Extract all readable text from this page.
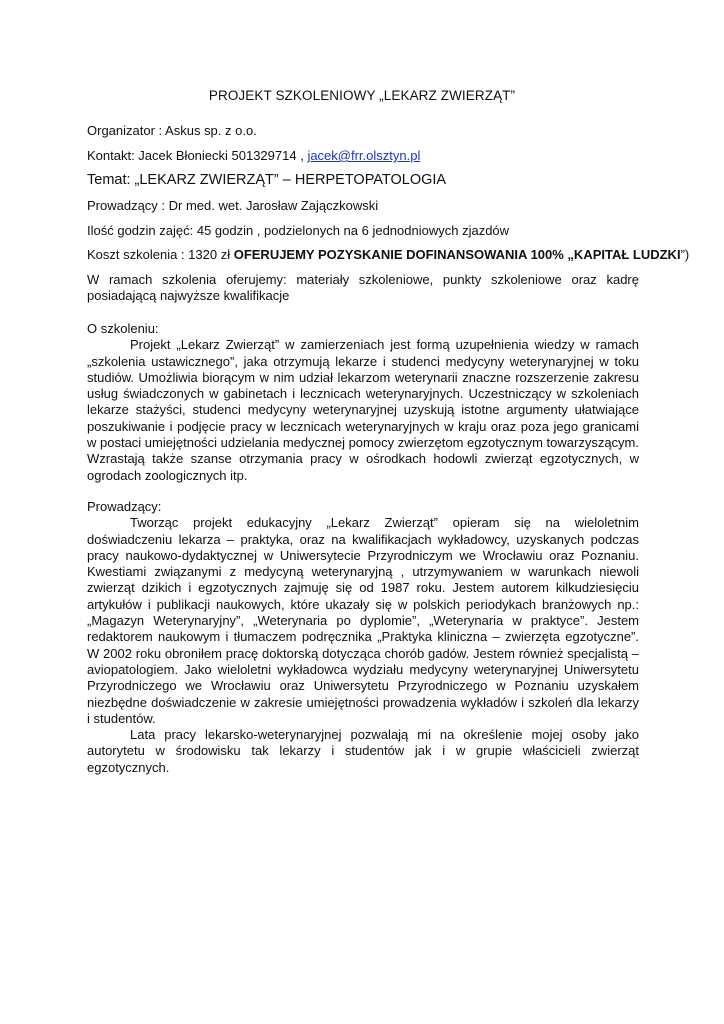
PROJEKT SZKOLENIOWY „LEKARZ ZWIERZĄT”
Organizator : Askus sp. z o.o.
Kontakt: Jacek Błoniecki 501329714 , jacek@frr.olsztyn.pl
Temat: „LEKARZ ZWIERZĄT” – HERPETOPATOLOGIA
Prowadzący : Dr med. wet. Jarosław Zajączkowski
Ilość godzin zajęć: 45 godzin , podzielonych na 6 jednodniowych zjazdów
Koszt szkolenia : 1320 zł OFERUJEMY POZYSKANIE DOFINANSOWANIA 100% „KAPITAŁ LUDZKI”)
W ramach szkolenia oferujemy: materiały szkoleniowe, punkty szkoleniowe oraz kadrę posiadającą najwyższe kwalifikacje

O szkoleniu:

Projekt „Lekarz Zwierząt” w zamierzeniach jest formą uzupełnienia wiedzy w ramach „szkolenia ustawicznego”, jaka otrzymują lekarze i studenci medycyny weterynaryjnej w toku studiów. Umożliwia biorącym w nim udział lekarzom weterynarii znaczne rozszerzenie zakresu usług świadczonych w gabinetach i lecznicach weterynaryjnych. Uczestniczący w szkoleniach lekarze stażyści, studenci medycyny weterynaryjnej uzyskują istotne argumenty ułatwiające poszukiwanie i podjęcie pracy w lecznicach weterynaryjnych w kraju oraz poza jego granicami w postaci umiejętności udzielania medycznej pomocy zwierzętom egzotycznym towarzyszącym. Wzrastają także szanse otrzymania pracy w ośrodkach hodowli zwierząt egzotycznych, w ogrodach zoologicznych itp.

Prowadzący:

Tworząc projekt edukacyjny „Lekarz Zwierząt” opieram się na wieloletnim doświadczeniu lekarza – praktyka, oraz na kwalifikacjach wykładowcy, uzyskanych podczas pracy naukowo-dydaktycznej w Uniwersytecie Przyrodniczym we Wrocławiu oraz Poznaniu. Kwestiami związanymi z medycyną weterynaryjną , utrzymywaniem w warunkach niewoli zwierząt dzikich i egzotycznych zajmuję się od 1987 roku. Jestem autorem kilkudziesięciu artykułów i publikacji naukowych, które ukazały się w polskich periodykach branżowych np.: „Magazyn Weterynaryjny”, „Weterynaria po dyplomie”, „Weterynaria w praktyce”. Jestem redaktorem naukowym i tłumaczem podręcznika „Praktyka kliniczna – zwierzęta egzotyczne”. W 2002 roku obroniłem pracę doktorską dotycząca chorób gadów. Jestem również specjalistą – aviopatologiem. Jako wieloletni wykładowca wydziału medycyny weterynaryjnej Uniwersytetu Przyrodniczego we Wrocławiu oraz Uniwersytetu Przyrodniczego w Poznaniu uzyskałem niezbędne doświadczenie w zakresie umiejętności prowadzenia wykładów i szkoleń dla lekarzy i studentów.

Lata pracy lekarsko-weterynaryjnej pozwalają mi na określenie mojej osoby jako autorytetu w środowisku tak lekarzy i studentów jak i w grupie właścicieli zwierząt egzotycznych.
